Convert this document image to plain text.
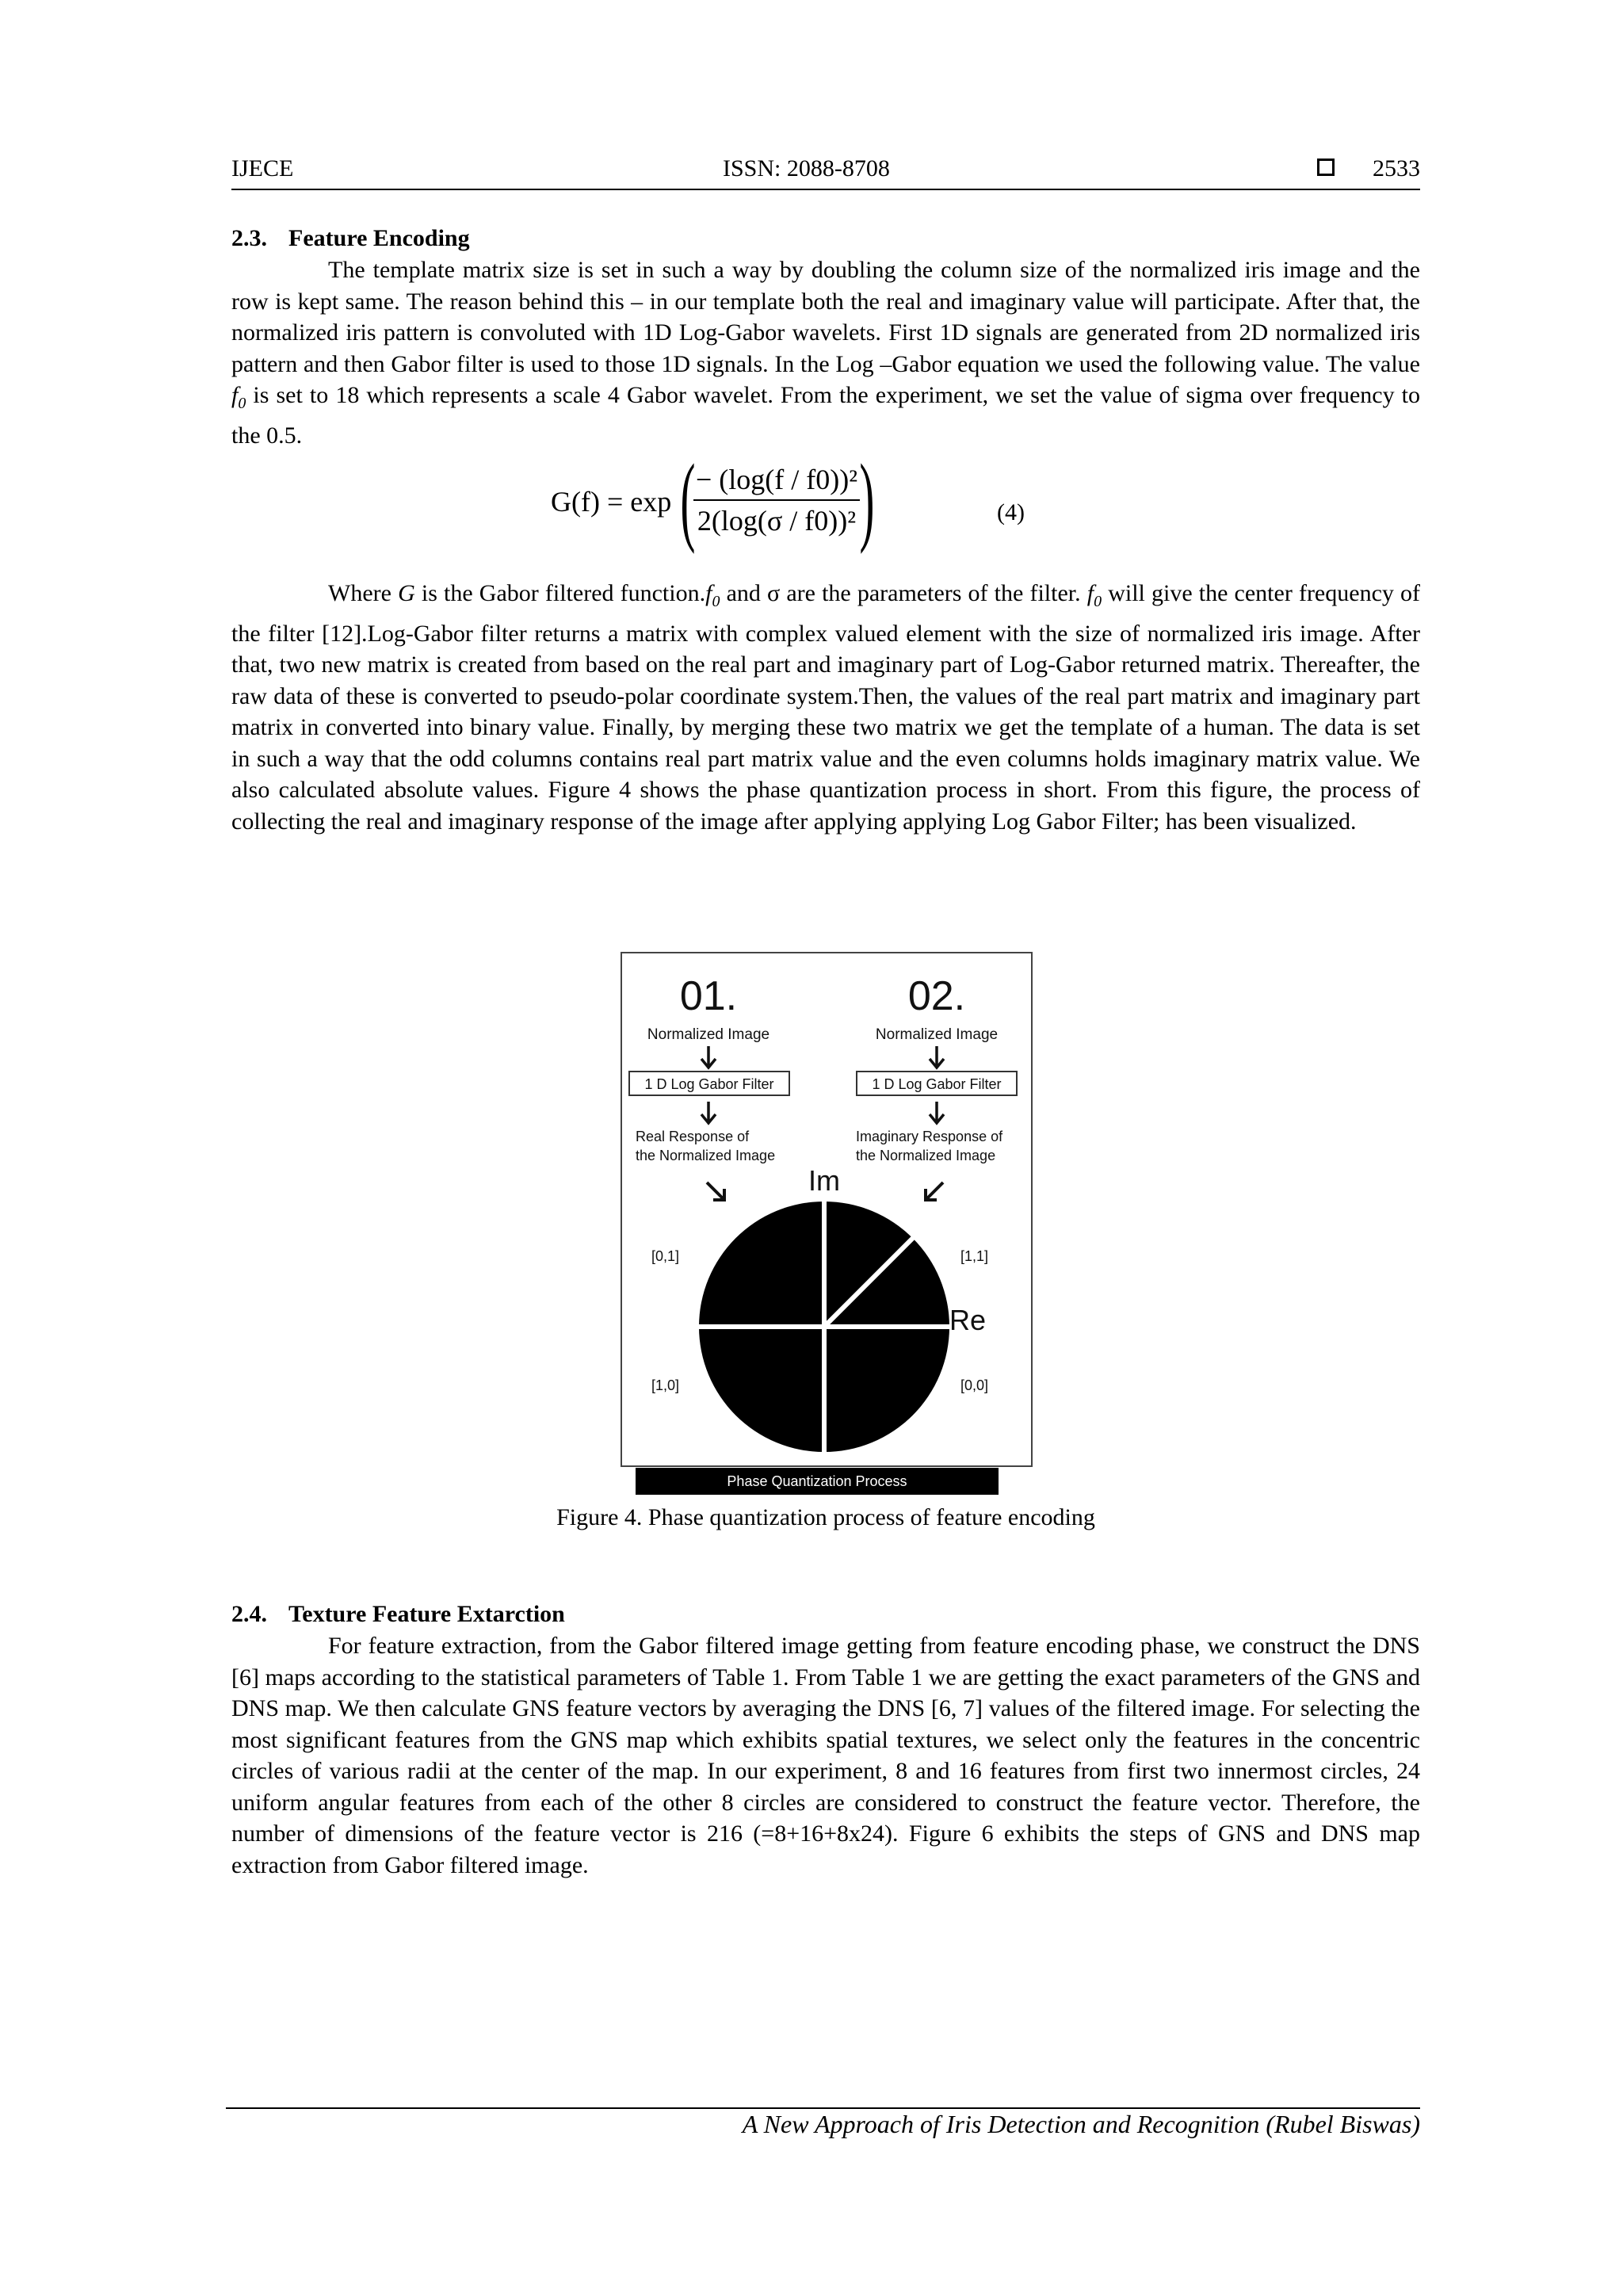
IJECE	ISSN: 2088-8708	2533
2.3. Feature Encoding
The template matrix size is set in such a way by doubling the column size of the normalized iris image and the row is kept same. The reason behind this – in our template both the real and imaginary value will participate. After that, the normalized iris pattern is convoluted with 1D Log-Gabor wavelets. First 1D signals are generated from 2D normalized iris pattern and then Gabor filter is used to those 1D signals. In the Log –Gabor equation we used the following value. The value $f_0$ is set to 18 which represents a scale 4 Gabor wavelet. From the experiment, we set the value of sigma over frequency to the 0.5.
G(f) = exp (
$\frac{\text{− (log(f / f0))²}}{\text{2(log(σ / f0))²}}$ )	(4)
Where G is the Gabor filtered $function.f_0$ and σ are the parameters of the filter. $f_0$ will give the center frequency of the filter [12].Log-Gabor filter returns a matrix with complex valued element with the size of normalized iris image. After that, two new matrix is created from based on the real part and imaginary part of Log-Gabor returned matrix. Thereafter, the raw data of these is converted to pseudo-polar coordinate system.Then, the values of the real part matrix and imaginary part matrix in converted into binary value. Finally, by merging these two matrix we get the template of a human. The data is set in such a way that the odd columns contains real part matrix value and the even columns holds imaginary matrix value. We also calculated absolute values. Figure 4 shows the phase quantization process in short. From this figure, the process of collecting the real and imaginary response of the image after applying applying Log Gabor Filter; has been visualized.
01.	02.
Normalized Image	Normalized Image
1 D Log Gabor Filter	1 D Log Gabor Filter
Real Response of
the Normalized Image
Imaginary Response of
the Normalized Image
Im
Re
[0,1]	[1,1]
[1,0]	[0,0]
Phase Quantization Process
Figure 4. Phase quantization process of feature encoding
2.4. Texture Feature Extarction
For feature extraction, from the Gabor filtered image getting from feature encoding phase, we construct the DNS [6] maps according to the statistical parameters of Table 1. From Table 1 we are getting the exact parameters of the GNS and DNS map. We then calculate GNS feature vectors by averaging the DNS [6, 7] values of the filtered image. For selecting the most significant features from the GNS map which exhibits spatial textures, we select only the features in the concentric circles of various radii at the center of the map. In our experiment, 8 and 16 features from first two innermost circles, 24 uniform angular features from each of the other 8 circles are considered to construct the feature vector. Therefore, the number of dimensions of the feature vector is 216 (=8+16+8x24). Figure 6 exhibits the steps of GNS and DNS map extraction from Gabor filtered image.
A New Approach of Iris Detection and Recognition (Rubel Biswas)
